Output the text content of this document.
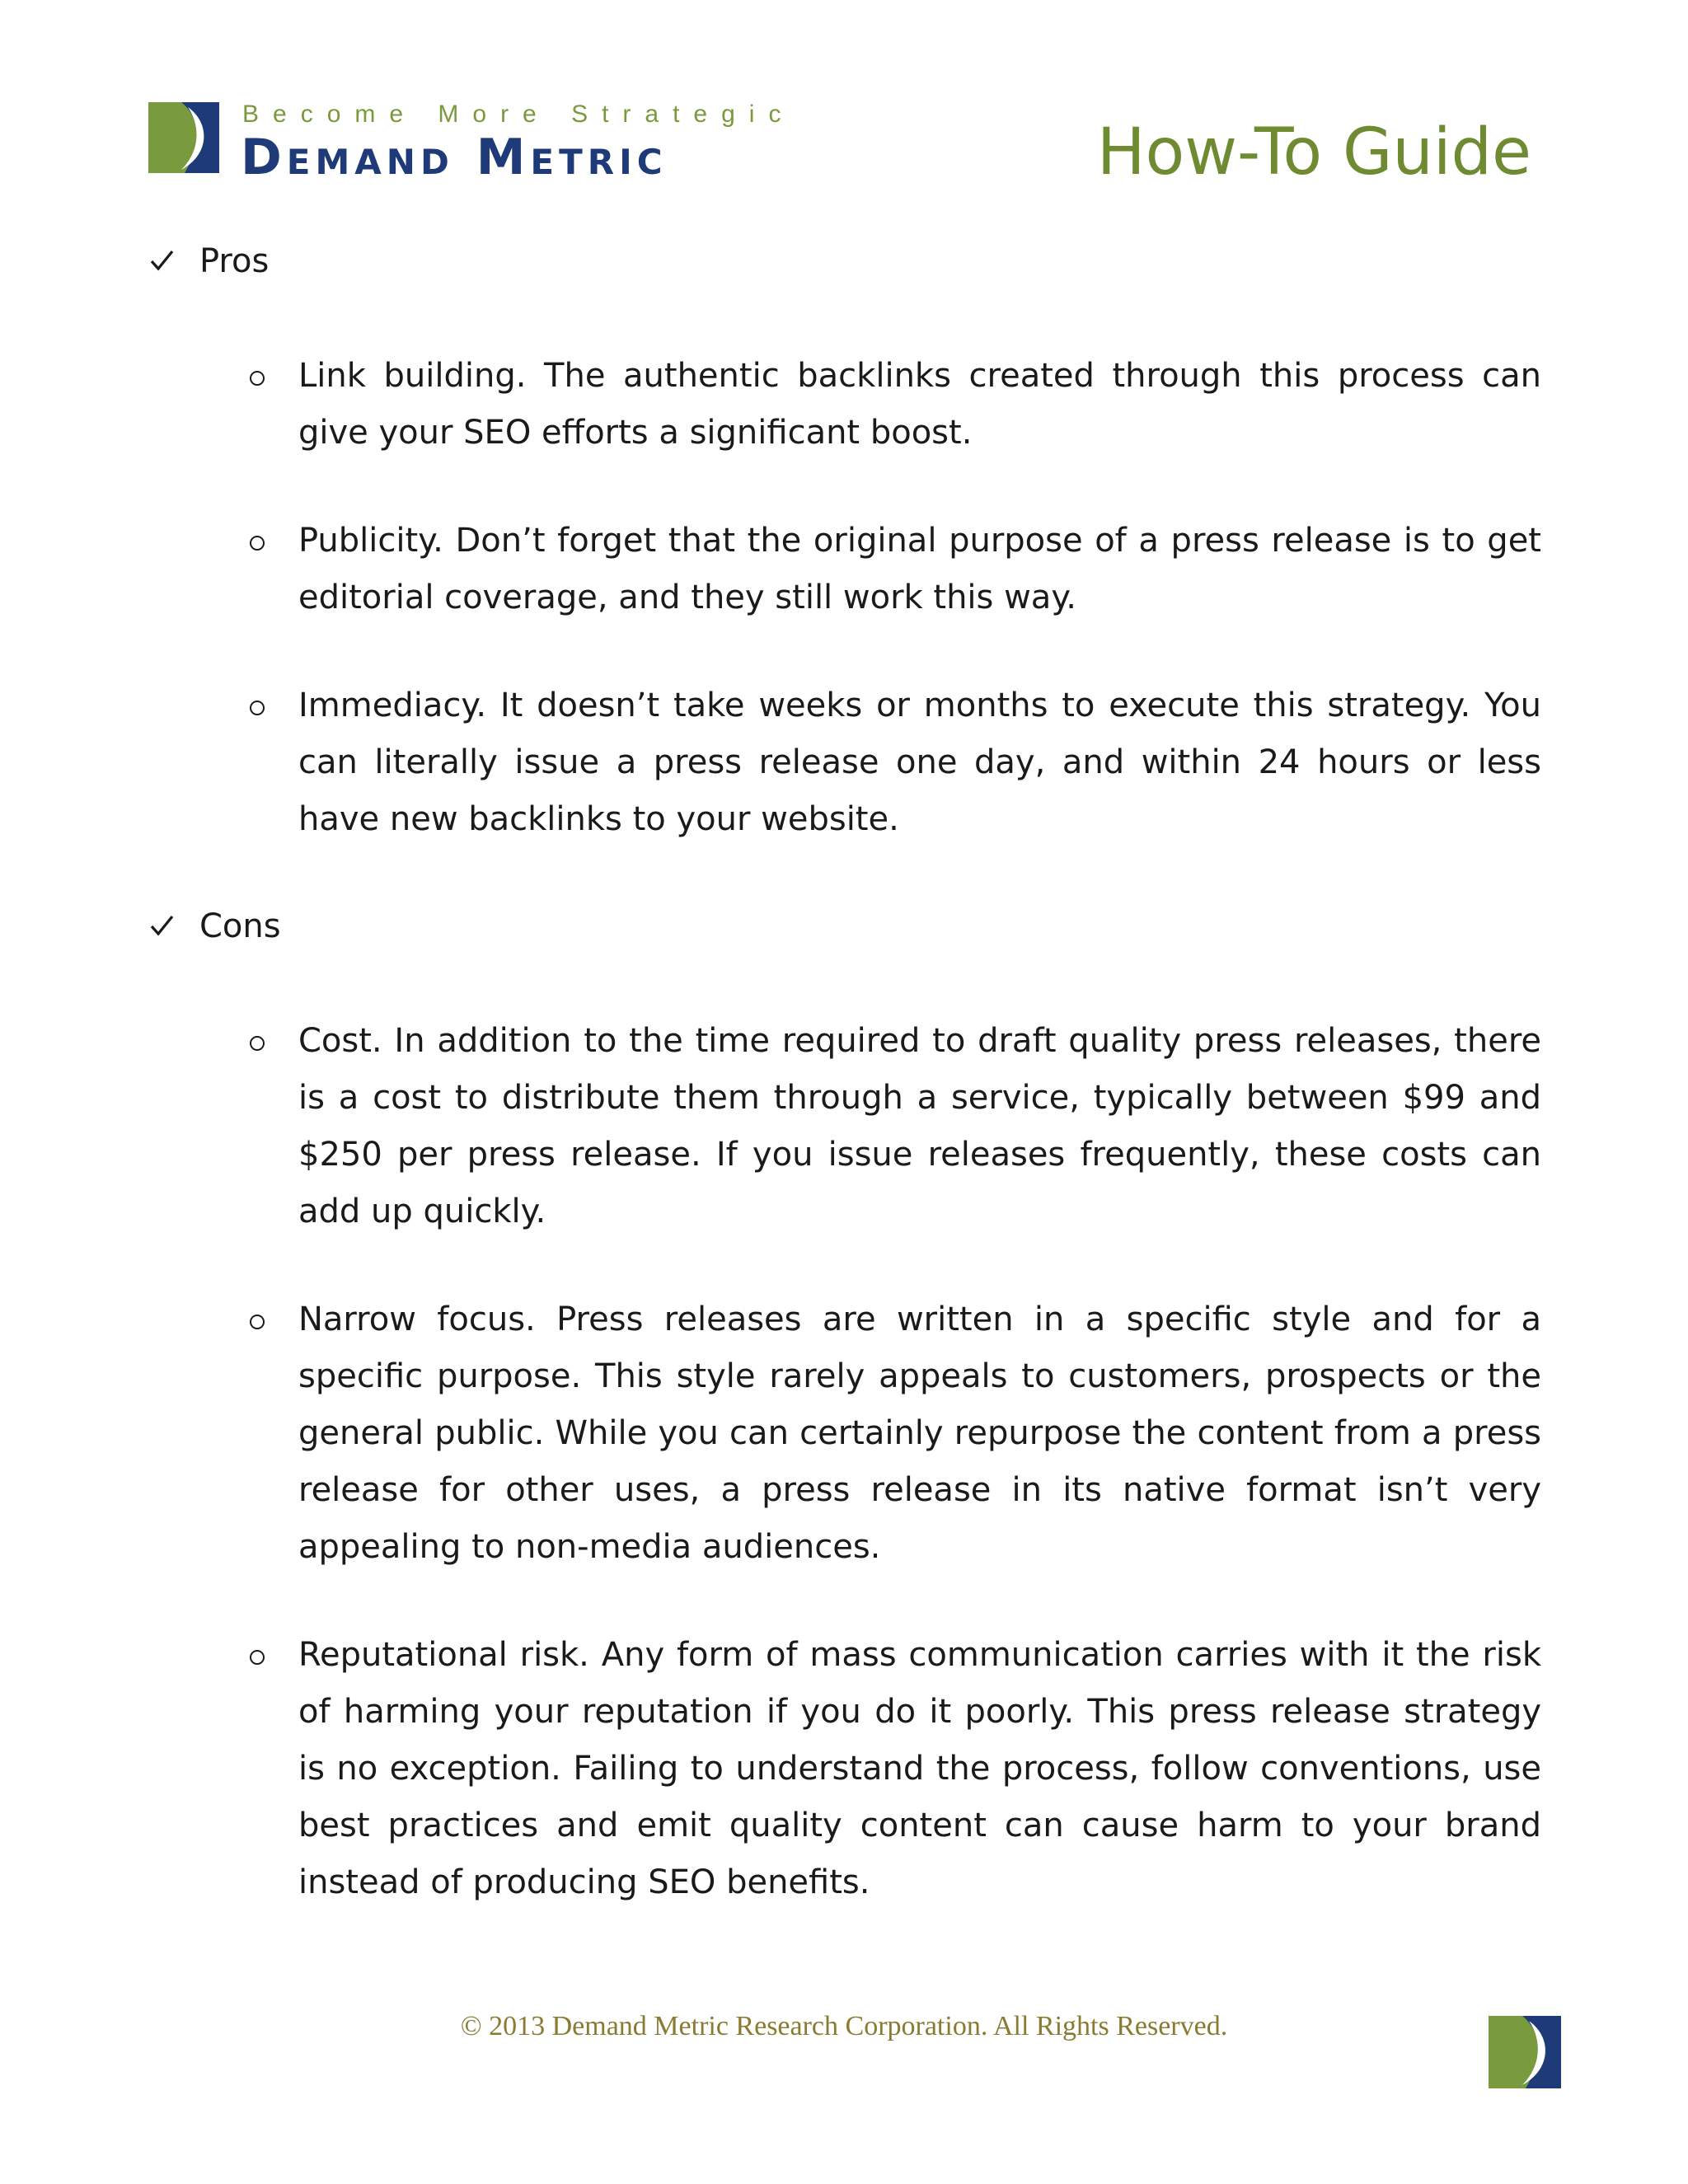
Become More Strategic
Demand Metric	How-To Guide
Pros

Link building. The authentic backlinks created through this process can give your SEO efforts a significant boost.

Publicity. Don’t forget that the original purpose of a press release is to get editorial coverage, and they still work this way.

Immediacy. It doesn’t take weeks or months to execute this strategy. You can literally issue a press release one day, and within 24 hours or less have new backlinks to your website.

Cons

Cost. In addition to the time required to draft quality press releases, there is a cost to distribute them through a service, typically between $99 and $250 per press release. If you issue releases frequently, these costs can add up quickly.

Narrow focus. Press releases are written in a specific style and for a specific purpose. This style rarely appeals to customers, prospects or the general public. While you can certainly repurpose the content from a press release for other uses, a press release in its native format isn’t very appealing to non-media audiences.

Reputational risk. Any form of mass communication carries with it the risk of harming your reputation if you do it poorly. This press release strategy is no exception. Failing to understand the process, follow conventions, use best practices and emit quality content can cause harm to your brand instead of producing SEO benefits.

© 2013 Demand Metric Research Corporation. All Rights Reserved.
